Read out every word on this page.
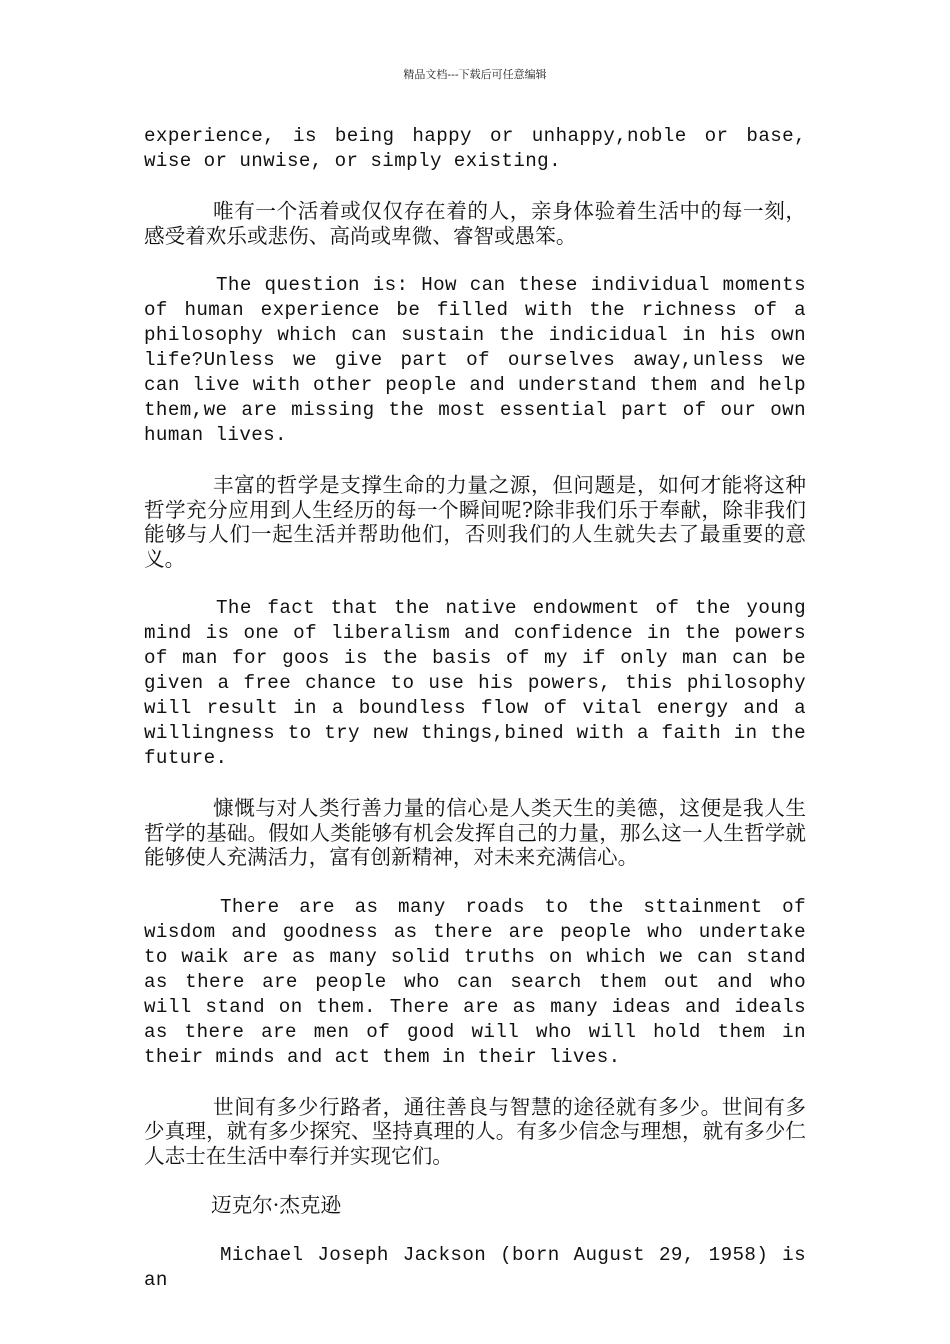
精品文档---下载后可任意编辑

experience, is being happy or unhappy,noble or base, wise or unwise, or simply existing.

唯有一个活着或仅仅存在着的人，亲身体验着生活中的每一刻，感受着欢乐或悲伤、高尚或卑微、睿智或愚笨。

The question is: How can these individual moments of human experience be filled with the richness of a philosophy which can sustain the indicidual in his own life?Unless we give part of ourselves away,unless we can live with other people and understand them and help them,we are missing the most essential part of our own human lives.

丰富的哲学是支撑生命的力量之源，但问题是，如何才能将这种哲学充分应用到人生经历的每一个瞬间呢?除非我们乐于奉献，除非我们能够与人们一起生活并帮助他们，否则我们的人生就失去了最重要的意义。

The fact that the native endowment of the young mind is one of liberalism and confidence in the powers of man for goos is the basis of my if only man can be given a free chance to use his powers, this philosophy will result in a boundless flow of vital energy and a willingness to try new things,bined with a faith in the future.

慷慨与对人类行善力量的信心是人类天生的美德，这便是我人生哲学的基础。假如人类能够有机会发挥自己的力量，那么这一人生哲学就能够使人充满活力，富有创新精神，对未来充满信心。

There are as many roads to the sttainment of wisdom and goodness as there are people who undertake to waik are as many solid truths on which we can stand as there are people who can search them out and who will stand on them. There are as many ideas and ideals as there are men of good will who will hold them in their minds and act them in their lives.

世间有多少行路者，通往善良与智慧的途径就有多少。世间有多少真理，就有多少探究、坚持真理的人。有多少信念与理想，就有多少仁人志士在生活中奉行并实现它们。

迈克尔·杰克逊

Michael Joseph Jackson (born August 29, 1958) is an
